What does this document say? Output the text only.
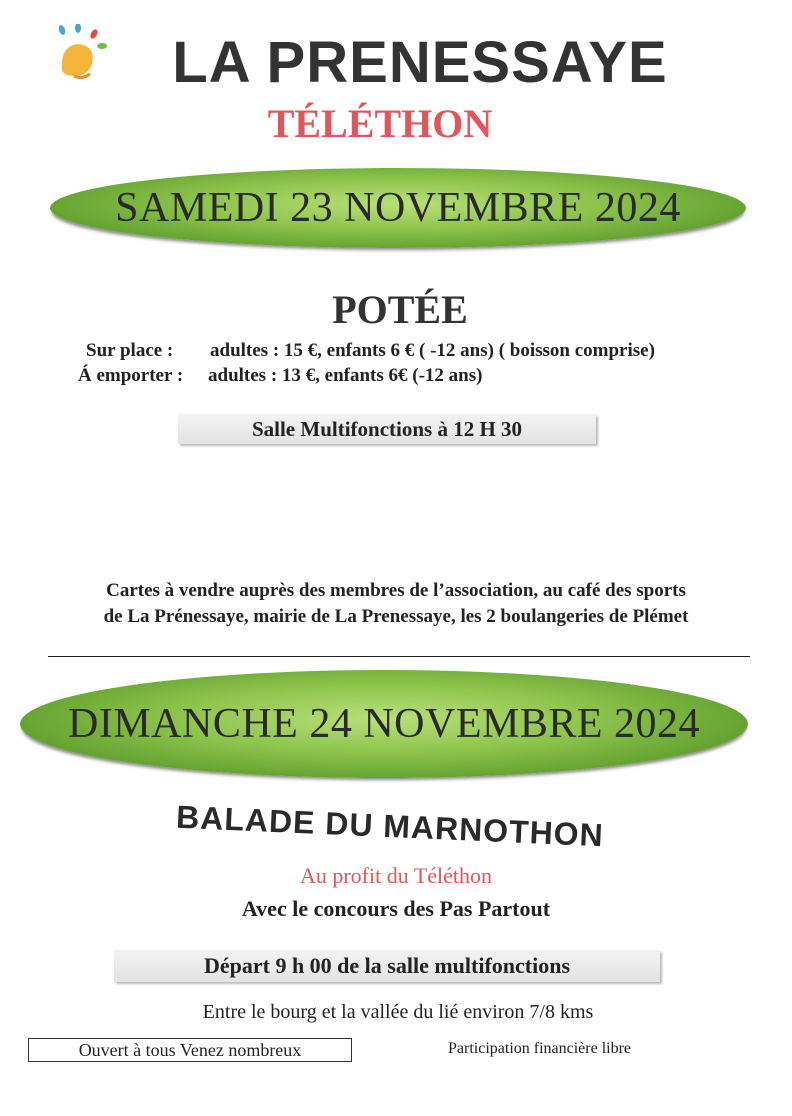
LA PRENESSAYE
TÉLÉTHON
SAMEDI 23 NOVEMBRE 2024
POTÉE
Sur place : adultes : 15 €, enfants 6 € ( -12 ans) ( boisson comprise)
Á emporter : adultes : 13 €, enfants 6€ (-12 ans)
Salle Multifonctions à 12 H 30
Cartes à vendre auprès des membres de l’association, au café des sports
de La Prénessaye, mairie de La Prenessaye, les 2 boulangeries de Plémet
DIMANCHE 24 NOVEMBRE 2024
BALADE DU MARNOTHON
Au profit du Téléthon
Avec le concours des Pas Partout
Départ 9 h 00 de la salle multifonctions
Entre le bourg et la vallée du lié environ 7/8 kms
Ouvert à tous Venez nombreux	Participation financière libre
